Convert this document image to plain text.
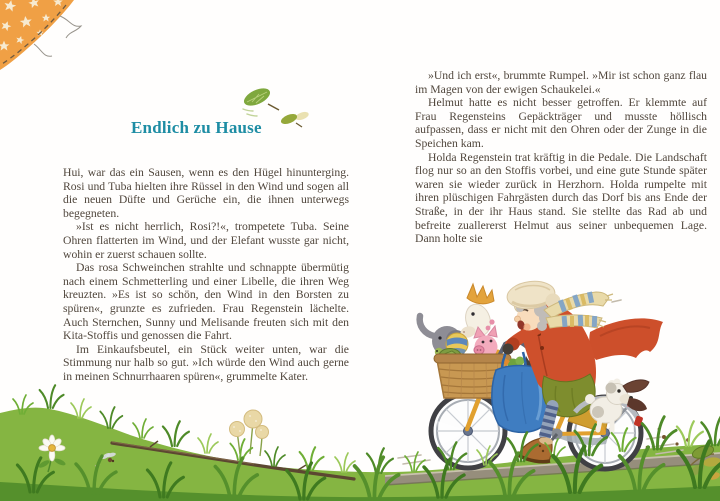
Endlich zu Hause

Hui, war das ein Sausen, wenn es den Hügel hinunterging. Rosi und Tuba hielten ihre Rüssel in den Wind und sogen all die neuen Düfte und Gerüche ein, die ihnen unterwegs begegneten.

»Ist es nicht herrlich, Rosi?!«, trompetete Tuba. Seine Ohren flatterten im Wind, und der Elefant wusste gar nicht, wohin er zuerst schauen sollte.

Das rosa Schweinchen strahlte und schnappte übermütig nach einem Schmetterling und einer Libelle, die ihren Weg kreuzten. »Es ist so schön, den Wind in den Borsten zu spüren«, grunzte es zufrieden. Frau Regenstein lächelte. Auch Sternchen, Sunny und Melisande freuten sich mit den Kita-Stoffis und genossen die Fahrt.

Im Einkaufsbeutel, ein Stück weiter unten, war die Stimmung nur halb so gut. »Ich würde den Wind auch gerne in meinen Schnurrhaaren spüren«, grummelte Kater.

»Und ich erst«, brummte Rumpel. »Mir ist schon ganz flau im Magen von der ewigen Schaukelei.«

Helmut hatte es nicht besser getroffen. Er klemmte auf Frau Regensteins Gepäckträger und musste höllisch aufpassen, dass er nicht mit den Ohren oder der Zunge in die Speichen kam.

Holda Regenstein trat kräftig in die Pedale. Die Landschaft flog nur so an den Stoffis vorbei, und eine gute Stunde später waren sie wieder zurück in Herzhorn. Holda rumpelte mit ihren plüschigen Fahrgästen durch das Dorf bis ans Ende der Straße, in der ihr Haus stand. Sie stellte das Rad ab und befreite zuallererst Helmut aus seiner unbequemen Lage. Dann holte sie
